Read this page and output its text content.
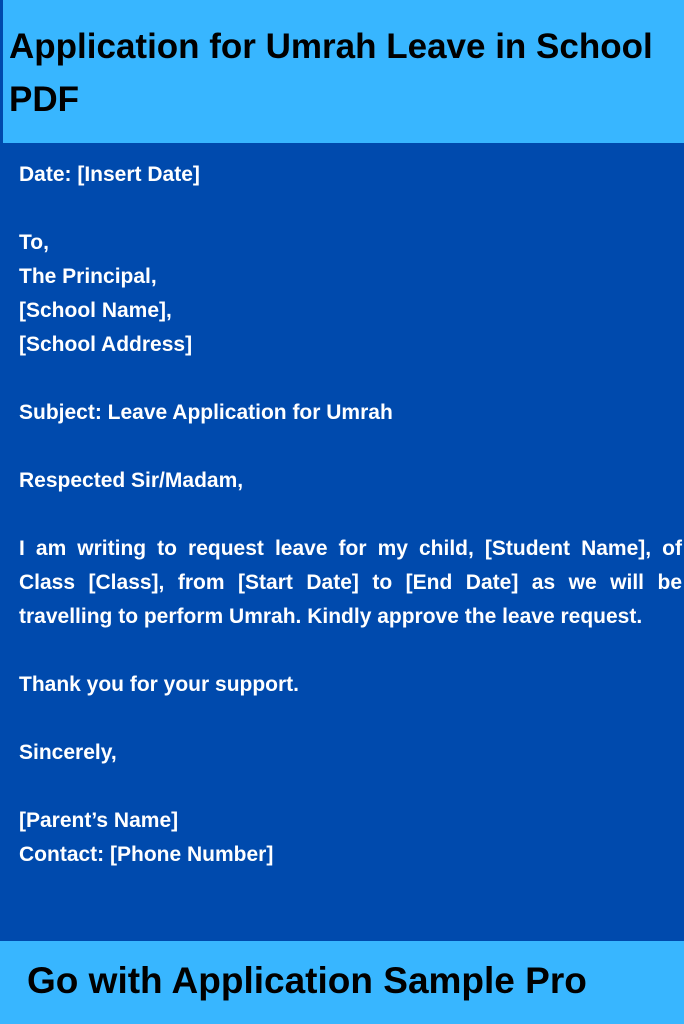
Application for Umrah Leave in School PDF
Date: [Insert Date]
To,
The Principal,
[School Name],
[School Address]
Subject: Leave Application for Umrah
Respected Sir/Madam,
I am writing to request leave for my child, [Student Name], of Class [Class], from [Start Date] to [End Date] as we will be travelling to perform Umrah. Kindly approve the leave request.
Thank you for your support.
Sincerely,
[Parent’s Name]
Contact: [Phone Number]

Go with Application Sample Pro
